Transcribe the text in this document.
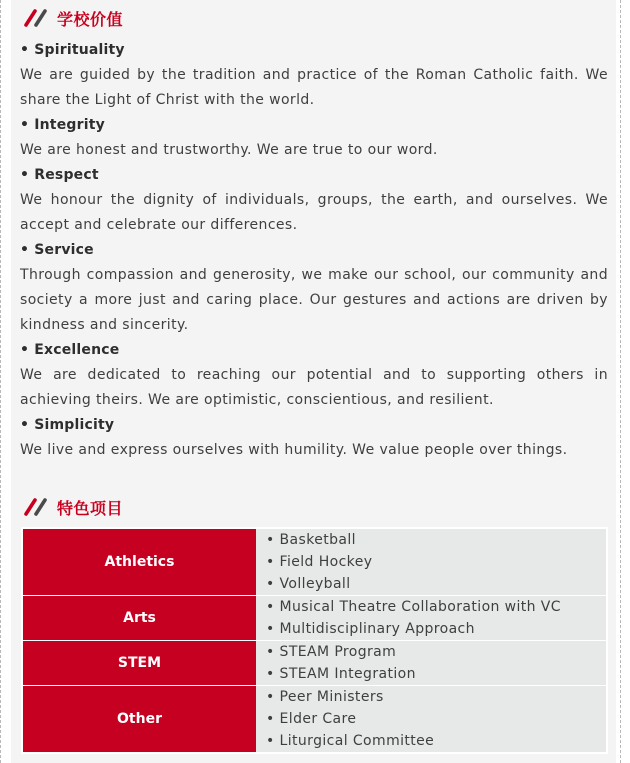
学校价值
• Spirituality

We are guided by the tradition and practice of the Roman Catholic faith. We share the Light of Christ with the world.

• Integrity

We are honest and trustworthy. We are true to our word.

• Respect

We honour the dignity of individuals, groups, the earth, and ourselves. We accept and celebrate our differences.

• Service

Through compassion and generosity, we make our school, our community and society a more just and caring place. Our gestures and actions are driven by kindness and sincerity.

• Excellence

We are dedicated to reaching our potential and to supporting others in achieving theirs. We are optimistic, conscientious, and resilient.

• Simplicity

We live and express ourselves with humility. We value people over things.

特色项目
Athletics	• Basketball
• Field Hockey
• Volleyball

Arts	• Musical Theatre Collaboration with VC
• Multidisciplinary Approach

STEM	• STEAM Program
• STEAM Integration

Other	• Peer Ministers
• Elder Care
• Liturgical Committee
